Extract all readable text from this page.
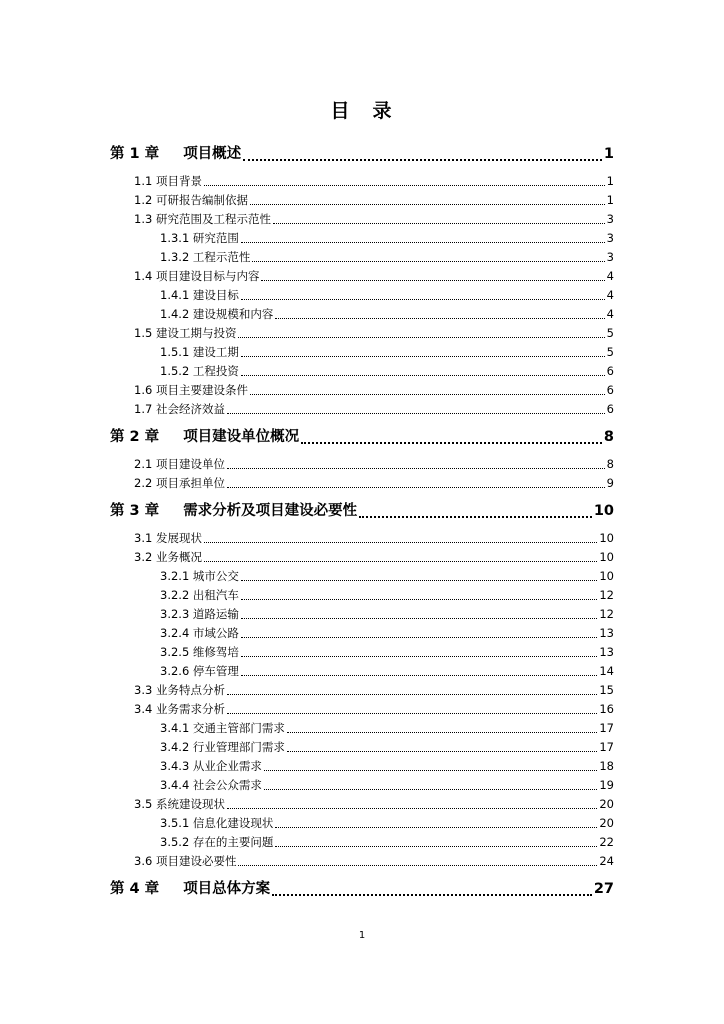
目　录
第 1 章 项目概述	1
1.1 项目背景	1
1.2 可研报告编制依据	1
1.3 研究范围及工程示范性	3
1.3.1 研究范围	3
1.3.2 工程示范性	3
1.4 项目建设目标与内容	4
1.4.1 建设目标	4
1.4.2 建设规模和内容	4
1.5 建设工期与投资	5
1.5.1 建设工期	5
1.5.2 工程投资	6
1.6 项目主要建设条件	6
1.7 社会经济效益	6
第 2 章 项目建设单位概况	8
2.1 项目建设单位	8
2.2 项目承担单位	9
第 3 章 需求分析及项目建设必要性	10
3.1 发展现状	10
3.2 业务概况	10
3.2.1 城市公交	10
3.2.2 出租汽车	12
3.2.3 道路运输	12
3.2.4 市域公路	13
3.2.5 维修驾培	13
3.2.6 停车管理	14
3.3 业务特点分析	15
3.4 业务需求分析	16
3.4.1 交通主管部门需求	17
3.4.2 行业管理部门需求	17
3.4.3 从业企业需求	18
3.4.4 社会公众需求	19
3.5 系统建设现状	20
3.5.1 信息化建设现状	20
3.5.2 存在的主要问题	22
3.6 项目建设必要性	24
第 4 章 项目总体方案	27
1
